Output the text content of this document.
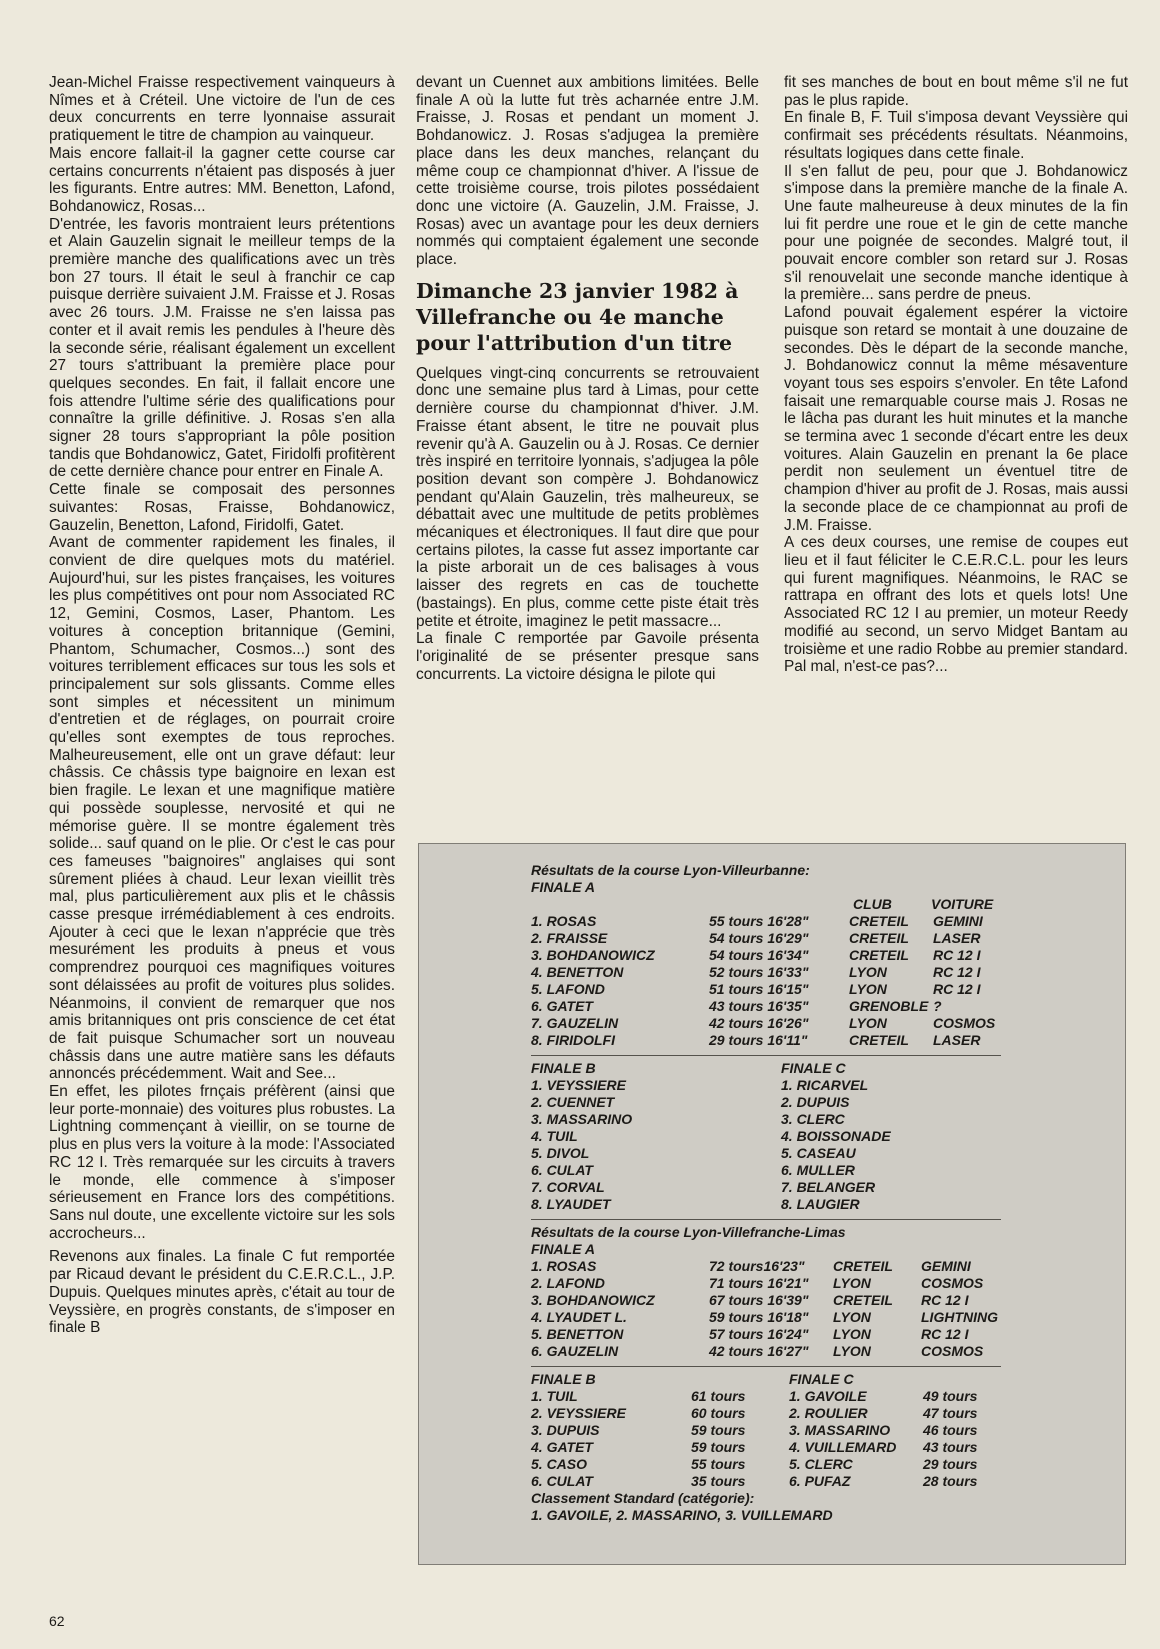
Jean-Michel Fraisse respectivement vainqueurs à Nîmes et à Créteil. Une victoire de l'un de ces deux concurrents en terre lyonnaise assurait pratiquement le titre de champion au vainqueur.

Mais encore fallait-il la gagner cette course car certains concurrents n'étaient pas disposés à juer les figurants. Entre autres: MM. Benetton, Lafond, Bohdanowicz, Rosas...

D'entrée, les favoris montraient leurs prétentions et Alain Gauzelin signait le meilleur temps de la première manche des qualifications avec un très bon 27 tours. Il était le seul à franchir ce cap puisque derrière suivaient J.M. Fraisse et J. Rosas avec 26 tours. J.M. Fraisse ne s'en laissa pas conter et il avait remis les pendules à l'heure dès la seconde série, réalisant également un excellent 27 tours s'attribuant la première place pour quelques secondes. En fait, il fallait encore une fois attendre l'ultime série des qualifications pour connaître la grille définitive. J. Rosas s'en alla signer 28 tours s'appropriant la pôle position tandis que Bohdanowicz, Gatet, Firidolfi profitèrent de cette dernière chance pour entrer en Finale A.

Cette finale se composait des personnes suivantes: Rosas, Fraisse, Bohdanowicz, Gauzelin, Benetton, Lafond, Firidolfi, Gatet.

Avant de commenter rapidement les finales, il convient de dire quelques mots du matériel. Aujourd'hui, sur les pistes françaises, les voitures les plus compétitives ont pour nom Associated RC 12, Gemini, Cosmos, Laser, Phantom. Les voitures à conception britannique (Gemini, Phantom, Schumacher, Cosmos...) sont des voitures terriblement efficaces sur tous les sols et principalement sur sols glissants. Comme elles sont simples et nécessitent un minimum d'entretien et de réglages, on pourrait croire qu'elles sont exemptes de tous reproches. Malheureusement, elle ont un grave défaut: leur châssis. Ce châssis type baignoire en lexan est bien fragile. Le lexan et une magnifique matière qui possède souplesse, nervosité et qui ne mémorise guère. Il se montre également très solide... sauf quand on le plie. Or c'est le cas pour ces fameuses "baignoires" anglaises qui sont sûrement pliées à chaud. Leur lexan vieillit très mal, plus particulièrement aux plis et le châssis casse presque irrémédiablement à ces endroits. Ajouter à ceci que le lexan n'apprécie que très mesurément les produits à pneus et vous comprendrez pourquoi ces magnifiques voitures sont délaissées au profit de voitures plus solides. Néanmoins, il convient de remarquer que nos amis britanniques ont pris conscience de cet état de fait puisque Schumacher sort un nouveau châssis dans une autre matière sans les défauts annoncés précédemment. Wait and See...

En effet, les pilotes frnçais préfèrent (ainsi que leur porte-monnaie) des voitures plus robustes. La Lightning commençant à vieillir, on se tourne de plus en plus vers la voiture à la mode: l'Associated RC 12 I. Très remarquée sur les circuits à travers le monde, elle commence à s'imposer sérieusement en France lors des compétitions. Sans nul doute, une excellente victoire sur les sols accrocheurs...

Revenons aux finales. La finale C fut remportée par Ricaud devant le président du C.E.R.C.L., J.P. Dupuis. Quelques minutes après, c'était au tour de Veyssière, en progrès constants, de s'imposer en finale B

devant un Cuennet aux ambitions limitées. Belle finale A où la lutte fut très acharnée entre J.M. Fraisse, J. Rosas et pendant un moment J. Bohdanowicz. J. Rosas s'adjugea la première place dans les deux manches, relançant du même coup ce championnat d'hiver. A l'issue de cette troisième course, trois pilotes possédaient donc une victoire (A. Gauzelin, J.M. Fraisse, J. Rosas) avec un avantage pour les deux derniers nommés qui comptaient également une seconde place.

Dimanche 23 janvier 1982 à Villefranche ou 4e manche pour l'attribution d'un titre

Quelques vingt-cinq concurrents se retrouvaient donc une semaine plus tard à Limas, pour cette dernière course du championnat d'hiver. J.M. Fraisse étant absent, le titre ne pouvait plus revenir qu'à A. Gauzelin ou à J. Rosas. Ce dernier très inspiré en territoire lyonnais, s'adjugea la pôle position devant son compère J. Bohdanowicz pendant qu'Alain Gauzelin, très malheureux, se débattait avec une multitude de petits problèmes mécaniques et électroniques. Il faut dire que pour certains pilotes, la casse fut assez importante car la piste arborait un de ces balisages à vous laisser des regrets en cas de touchette (bastaings). En plus, comme cette piste était très petite et étroite, imaginez le petit massacre...

La finale C remportée par Gavoile présenta l'originalité de se présenter presque sans concurrents. La victoire désigna le pilote qui

fit ses manches de bout en bout même s'il ne fut pas le plus rapide.

En finale B, F. Tuil s'imposa devant Veyssière qui confirmait ses précédents résultats. Néanmoins, résultats logiques dans cette finale.

Il s'en fallut de peu, pour que J. Bohdanowicz s'impose dans la première manche de la finale A. Une faute malheureuse à deux minutes de la fin lui fit perdre une roue et le gin de cette manche pour une poignée de secondes. Malgré tout, il pouvait encore combler son retard sur J. Rosas s'il renouvelait une seconde manche identique à la première... sans perdre de pneus.

Lafond pouvait également espérer la victoire puisque son retard se montait à une douzaine de secondes. Dès le départ de la seconde manche, J. Bohdanowicz connut la même mésaventure voyant tous ses espoirs s'envoler. En tête Lafond faisait une remarquable course mais J. Rosas ne le lâcha pas durant les huit minutes et la manche se termina avec 1 seconde d'écart entre les deux voitures. Alain Gauzelin en prenant la 6e place perdit non seulement un éventuel titre de champion d'hiver au profit de J. Rosas, mais aussi la seconde place de ce championnat au profi de J.M. Fraisse.

A ces deux courses, une remise de coupes eut lieu et il faut féliciter le C.E.R.C.L. pour les leurs qui furent magnifiques. Néanmoins, le RAC se rattrapa en offrant des lots et quels lots! Une Associated RC 12 I au premier, un moteur Reedy modifié au second, un servo Midget Bantam au troisième et une radio Robbe au premier standard. Pal mal, n'est-ce pas?...

Résultats de la course Lyon-Villeurbanne:
FINALE A
CLUB	VOITURE
1. ROSAS	55 tours 16'28"	CRETEIL GEMINI
2. FRAISSE	54 tours 16'29"	CRETEIL LASER
3. BOHDANOWICZ	54 tours 16'34"	CRETEIL RC 12 I
4. BENETTON	52 tours 16'33"	LYON	RC 12 I
5. LAFOND	51 tours 16'15"	LYON	RC 12 I
6. GATET	43 tours 16'35"	GRENOBLE ?
7. GAUZELIN	42 tours 16'26"	LYON	COSMOS
8. FIRIDOLFI	29 tours 16'11"	CRETEIL LASER
FINALE B	FINALE C
1. VEYSSIERE	1. RICARVEL
2. CUENNET	2. DUPUIS
3. MASSARINO	3. CLERC
4. TUIL	4. BOISSONADE
5. DIVOL	5. CASEAU
6. CULAT	6. MULLER
7. CORVAL	7. BELANGER
8. LYAUDET	8. LAUGIER
Résultats de la course Lyon-Villefranche-Limas
FINALE A
1. ROSAS	72 tours16'23" CRETEIL GEMINI
2. LAFOND	71 tours 16'21" LYON	COSMOS
3. BOHDANOWICZ	67 tours 16'39" CRETEIL RC 12 I
4. LYAUDET L.	59 tours 16'18" LYON	LIGHTNING
5. BENETTON	57 tours 16'24" LYON	RC 12 I
6. GAUZELIN	42 tours 16'27" LYON	COSMOS
FINALE B	FINALE C
1. TUIL	61 tours	1. GAVOILE	49 tours
2. VEYSSIERE	60 tours	2. ROULIER	47 tours
3. DUPUIS	59 tours	3. MASSARINO 46 tours
4. GATET	59 tours	4. VUILLEMARD 43 tours
5. CASO	55 tours	5. CLERC	29 tours
6. CULAT	35 tours	6. PUFAZ	28 tours
Classement Standard (catégorie):
1. GAVOILE, 2. MASSARINO, 3. VUILLEMARD
62
